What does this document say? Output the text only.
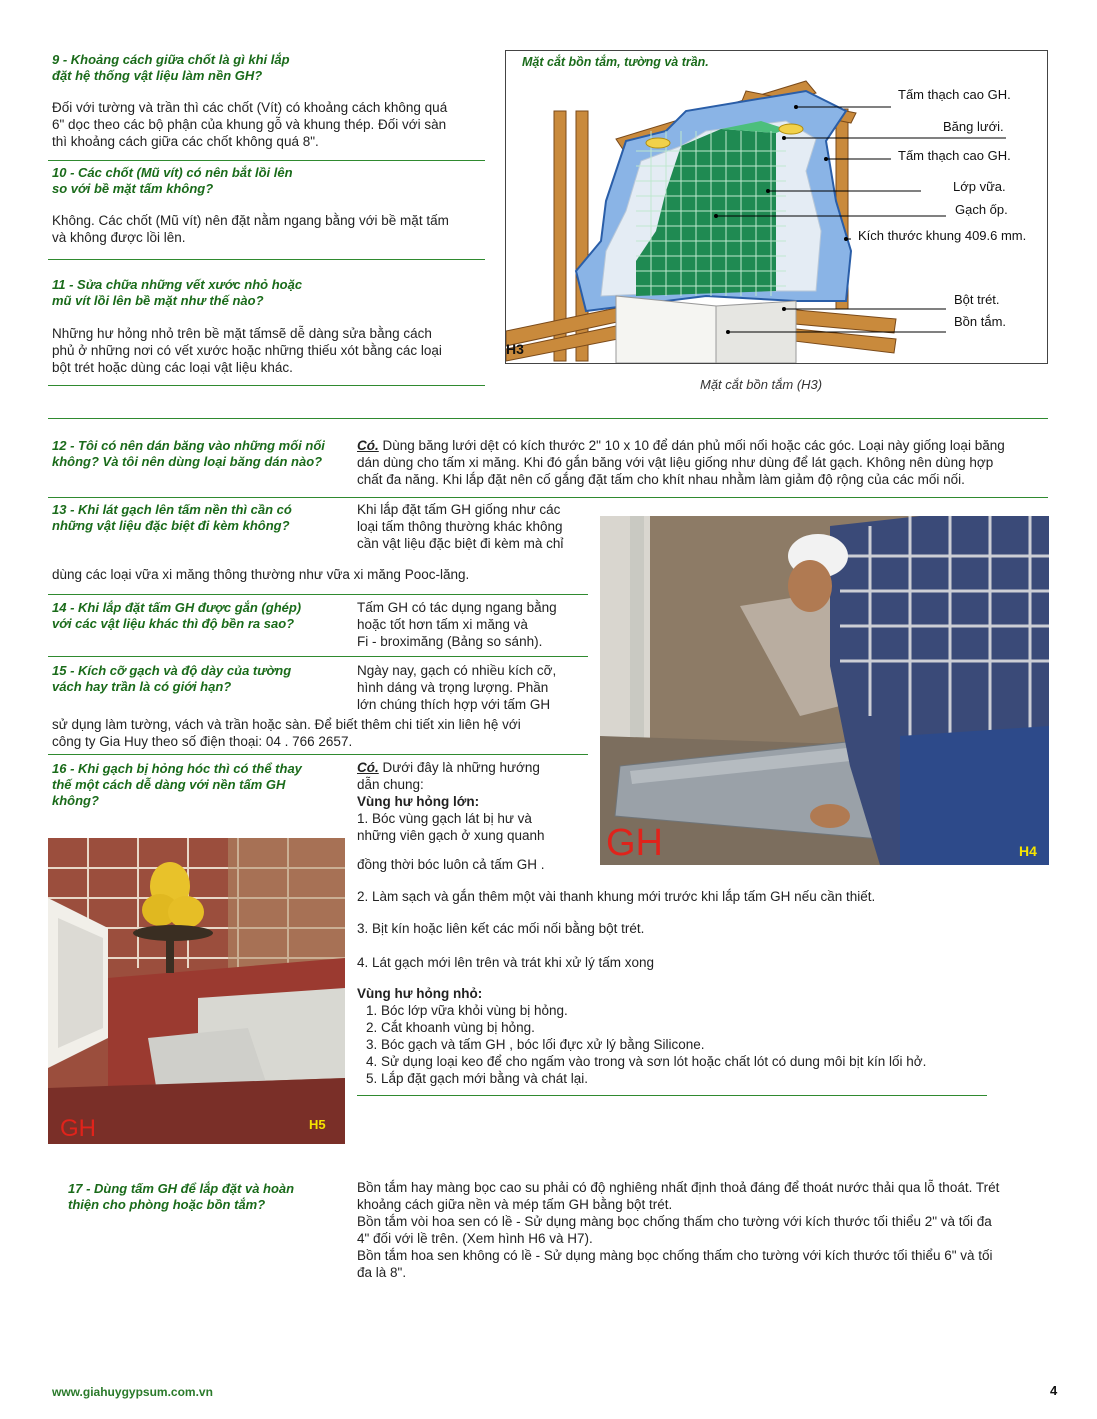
9 - Khoảng cách giữa chốt là gì khi lắp
đặt hệ thống vật liệu làm nền GH?
Đối với tường và trần thì các chốt (Vít) có khoảng cách không quá
6" dọc theo các bộ phận của khung gỗ và khung thép. Đối với sàn
thì khoảng cách giữa các chốt không quá 8".
10 - Các chốt (Mũ vít) có nên bắt lồi lên
so với bề mặt tấm không?
Không. Các chốt (Mũ vít) nên đặt nằm ngang bằng với bề mặt tấm
và không được lồi lên.
11 - Sửa chữa những vết xước nhỏ hoặc
mũ vít lồi lên bề mặt như thế nào?
Những hư hỏng nhỏ trên bề mặt tấmsẽ dễ dàng sửa bằng cách
phủ ở những nơi có vết xước hoặc những thiếu xót bằng các loại
bột trét hoặc dùng các loại vật liệu khác.
Mặt cắt bồn tắm, tường và trần.
Tấm thạch cao GH.
Băng lưới.
Tấm thạch cao GH.
Lớp vữa.
Gạch ốp.
Kích thước khung 409.6 mm.
Bột trét.
Bồn tắm.
H3
Mặt cắt bồn tắm (H3)
12 - Tôi có nên dán băng vào những mối nối
không? Và tôi nên dùng loại băng dán nào?
Có. Dùng băng lưới dệt có kích thước 2" 10 x 10 để dán phủ mối nối hoặc các góc. Loại này giống loại băng
dán dùng cho tấm xi măng. Khi đó gắn băng với vật liệu giống như dùng để lát gạch. Không nên dùng hợp
chất đa năng. Khi lắp đặt nên cố gắng đặt tấm cho khít nhau nhằm làm giảm độ rộng của các mối nối.
13 - Khi lát gạch lên tấm nền thì cần có
những vật liệu đặc biệt đi kèm không?
Khi lắp đặt tấm GH giống như các
loại tấm thông thường khác không
cần vật liệu đặc biệt đi kèm mà chỉ
dùng các loại vữa xi măng thông thường như vữa xi măng Pooc-lăng.
14 - Khi lắp đặt tấm GH được gắn (ghép)
với các vật liệu khác thì độ bền ra sao?
Tấm GH có tác dụng ngang bằng
hoặc tốt hơn tấm xi măng và
Fi - broximăng (Bảng so sánh).
15 - Kích cỡ gạch và độ dày của tường
vách hay trần là có giới hạn?
Ngày nay, gạch có nhiều kích cỡ,
hình dáng và trọng lượng. Phần
lớn chúng thích hợp với tấm GH
sử dụng làm tường, vách và trần hoặc sàn. Để biết thêm chi tiết xin liên hệ với
công ty Gia Huy theo số điện thoại: 04 . 766 2657.
GH	H4
16 - Khi gạch bị hỏng hóc thì có thể thay
thế một cách dễ dàng với nền tấm GH
không?
Có. Dưới đây là những hướng
dẫn chung:
Vùng hư hỏng lớn:
1. Bóc vùng gạch lát bị hư và
những viên gạch ở xung quanh
đồng thời bóc luôn cả tấm GH .
2. Làm sạch và gắn thêm một vài thanh khung mới trước khi lắp tấm GH nếu cần thiết.
3. Bịt kín hoặc liên kết các mối nối bằng bột trét.
4. Lát gạch mới lên trên và trát khi xử lý tấm xong
Vùng hư hỏng nhỏ:
1. Bóc lớp vữa khỏi vùng bị hỏng.
2. Cắt khoanh vùng bị hỏng.
3. Bóc gạch và tấm GH , bóc lối đực xử lý bằng Silicone.
4. Sử dụng loại keo để cho ngấm vào trong và sơn lót hoặc chất lót có dung môi bịt kín lối hở.
5. Lắp đặt gạch mới bằng và chát lại.
GH	H5
17 - Dùng tấm GH để lắp đặt và hoàn
thiện cho phòng hoặc bồn tắm?
Bồn tắm hay màng bọc cao su phải có độ nghiêng nhất định thoả đáng để thoát nước thải qua lỗ thoát. Trét
khoảng cách giữa nền và mép tấm GH bằng bột trét.
Bồn tắm vòi hoa sen có lề - Sử dụng màng bọc chống thấm cho tường với kích thước tối thiểu 2" và tối đa
4" đối với lề trên. (Xem hình H6 và H7).
Bồn tắm hoa sen không có lề - Sử dụng màng bọc chống thấm cho tường với kích thước tối thiểu 6" và tối
đa là 8".
www.giahuygypsum.com.vn	4
